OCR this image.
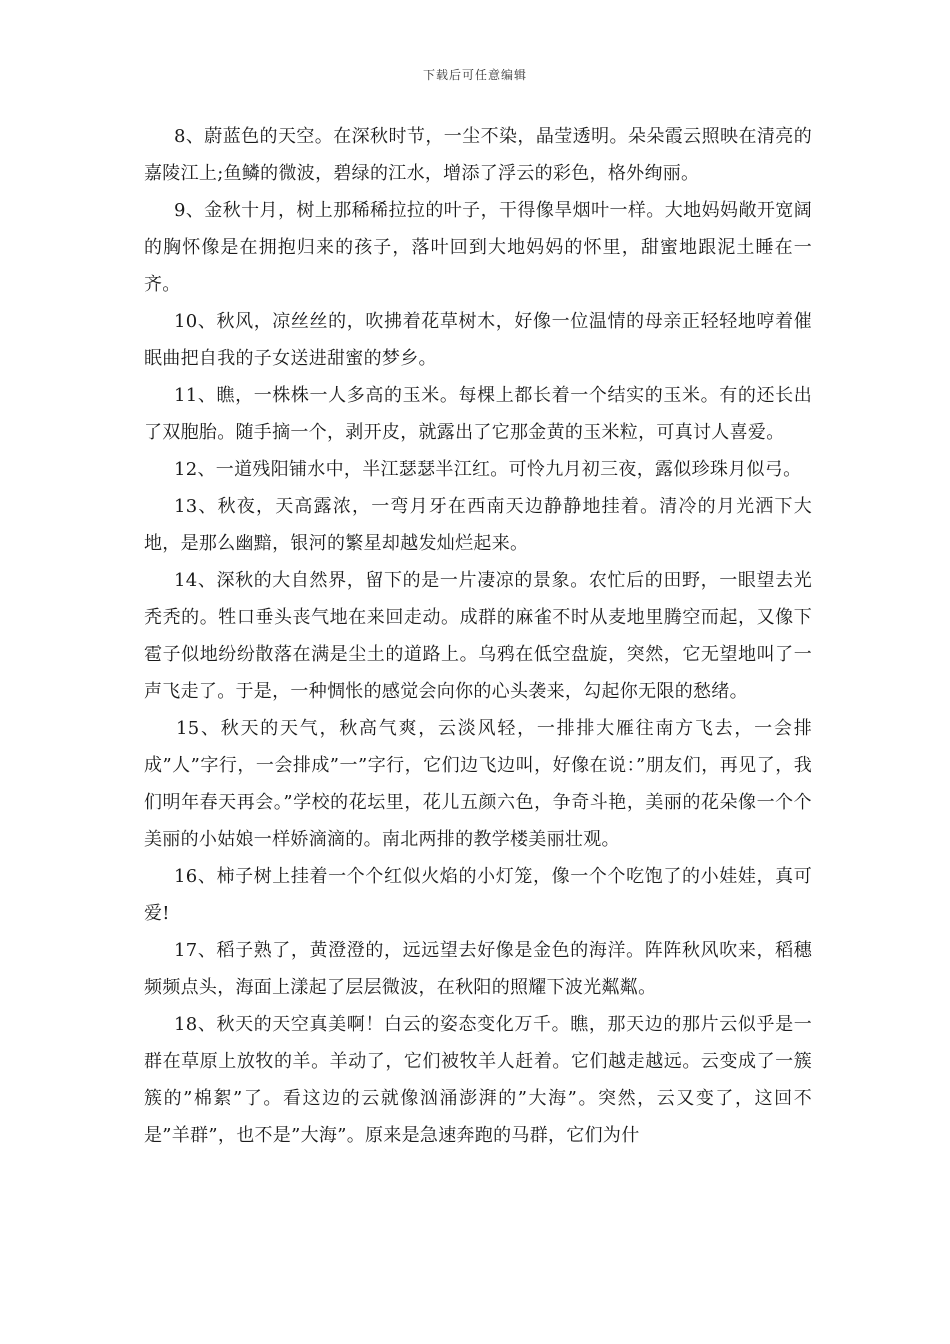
下载后可任意编辑

8、蔚蓝色的天空。在深秋时节，一尘不染，晶莹透明。朵朵霞云照映在清亮的嘉陵江上;鱼鳞的微波，碧绿的江水，增添了浮云的彩色，格外绚丽。

9、金秋十月，树上那稀稀拉拉的叶子，干得像旱烟叶一样。大地妈妈敞开宽阔的胸怀像是在拥抱归来的孩子，落叶回到大地妈妈的怀里，甜蜜地跟泥土睡在一齐。

10、秋风，凉丝丝的，吹拂着花草树木，好像一位温情的母亲正轻轻地哼着催眠曲把自我的子女送进甜蜜的梦乡。

11、瞧，一株株一人多高的玉米。每棵上都长着一个结实的玉米。有的还长出了双胞胎。随手摘一个，剥开皮，就露出了它那金黄的玉米粒，可真讨人喜爱。

12、一道残阳铺水中，半江瑟瑟半江红。可怜九月初三夜，露似珍珠月似弓。

13、秋夜，天高露浓，一弯月牙在西南天边静静地挂着。清冷的月光洒下大地，是那么幽黯，银河的繁星却越发灿烂起来。

14、深秋的大自然界，留下的是一片凄凉的景象。农忙后的田野，一眼望去光秃秃的。牲口垂头丧气地在来回走动。成群的麻雀不时从麦地里腾空而起，又像下雹子似地纷纷散落在满是尘土的道路上。乌鸦在低空盘旋，突然，它无望地叫了一声飞走了。于是，一种惆怅的感觉会向你的心头袭来，勾起你无限的愁绪。

15、秋天的天气，秋高气爽，云淡风轻，一排排大雁往南方飞去，一会排成”人”字行，一会排成”一”字行，它们边飞边叫，好像在说：”朋友们，再见了，我们明年春天再会。”学校的花坛里，花儿五颜六色，争奇斗艳，美丽的花朵像一个个美丽的小姑娘一样娇滴滴的。南北两排的教学楼美丽壮观。

16、柿子树上挂着一个个红似火焰的小灯笼，像一个个吃饱了的小娃娃，真可爱!

17、稻子熟了，黄澄澄的，远远望去好像是金色的海洋。阵阵秋风吹来，稻穗频频点头，海面上漾起了层层微波，在秋阳的照耀下波光粼粼。

18、秋天的天空真美啊！白云的姿态变化万千。瞧，那天边的那片云似乎是一群在草原上放牧的羊。羊动了，它们被牧羊人赶着。它们越走越远。云变成了一簇簇的”棉絮”了。看这边的云就像汹涌澎湃的”大海”。突然，云又变了，这回不是”羊群”，也不是”大海”。原来是急速奔跑的马群，它们为什
